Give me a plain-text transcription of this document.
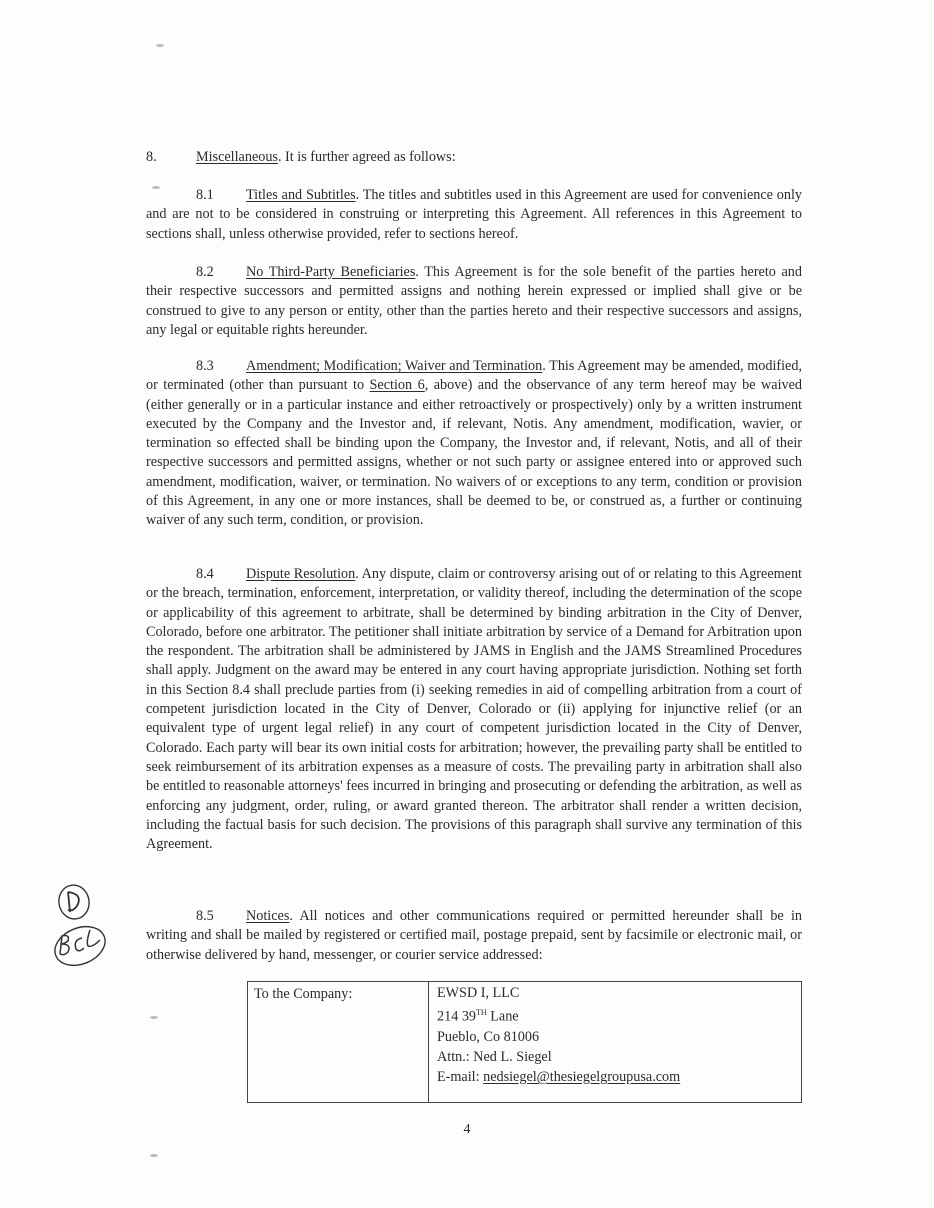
8.	Miscellaneous. It is further agreed as follows:

8.1 Titles and Subtitles. The titles and subtitles used in this Agreement are used for convenience only and are not to be considered in construing or interpreting this Agreement. All references in this Agreement to sections shall, unless otherwise provided, refer to sections hereof.

8.2 No Third-Party Beneficiaries. This Agreement is for the sole benefit of the parties hereto and their respective successors and permitted assigns and nothing herein expressed or implied shall give or be construed to give to any person or entity, other than the parties hereto and their respective successors and assigns, any legal or equitable rights hereunder.

8.3 Amendment; Modification; Waiver and Termination. This Agreement may be amended, modified, or terminated (other than pursuant to Section 6, above) and the observance of any term hereof may be waived (either generally or in a particular instance and either retroactively or prospectively) only by a written instrument executed by the Company and the Investor and, if relevant, Notis. Any amendment, modification, wavier, or termination so effected shall be binding upon the Company, the Investor and, if relevant, Notis, and all of their respective successors and permitted assigns, whether or not such party or assignee entered into or approved such amendment, modification, waiver, or termination. No waivers of or exceptions to any term, condition or provision of this Agreement, in any one or more instances, shall be deemed to be, or construed as, a further or continuing waiver of any such term, condition, or provision.

8.4 Dispute Resolution. Any dispute, claim or controversy arising out of or relating to this Agreement or the breach, termination, enforcement, interpretation, or validity thereof, including the determination of the scope or applicability of this agreement to arbitrate, shall be determined by binding arbitration in the City of Denver, Colorado, before one arbitrator. The petitioner shall initiate arbitration by service of a Demand for Arbitration upon the respondent. The arbitration shall be administered by JAMS in English and the JAMS Streamlined Procedures shall apply. Judgment on the award may be entered in any court having appropriate jurisdiction. Nothing set forth in this Section 8.4 shall preclude parties from (i) seeking remedies in aid of compelling arbitration from a court of competent jurisdiction located in the City of Denver, Colorado or (ii) applying for injunctive relief (or an equivalent type of urgent legal relief) in any court of competent jurisdiction located in the City of Denver, Colorado. Each party will bear its own initial costs for arbitration; however, the prevailing party shall be entitled to seek reimbursement of its arbitration expenses as a measure of costs. The prevailing party in arbitration shall also be entitled to reasonable attorneys' fees incurred in bringing and prosecuting or defending the arbitration, as well as enforcing any judgment, order, ruling, or award granted thereon. The arbitrator shall render a written decision, including the factual basis for such decision. The provisions of this paragraph shall survive any termination of this Agreement.

8.5 Notices. All notices and other communications required or permitted hereunder shall be in writing and shall be mailed by registered or certified mail, postage prepaid, sent by facsimile or electronic mail, or otherwise delivered by hand, messenger, or courier service addressed:

To the Company:	EWSD I, LLC
214 39TH Lane
Pueblo, Co 81006
Attn.: Ned L. Siegel
E-mail: nedsiegel@thesiegelgroupusa.com
4
